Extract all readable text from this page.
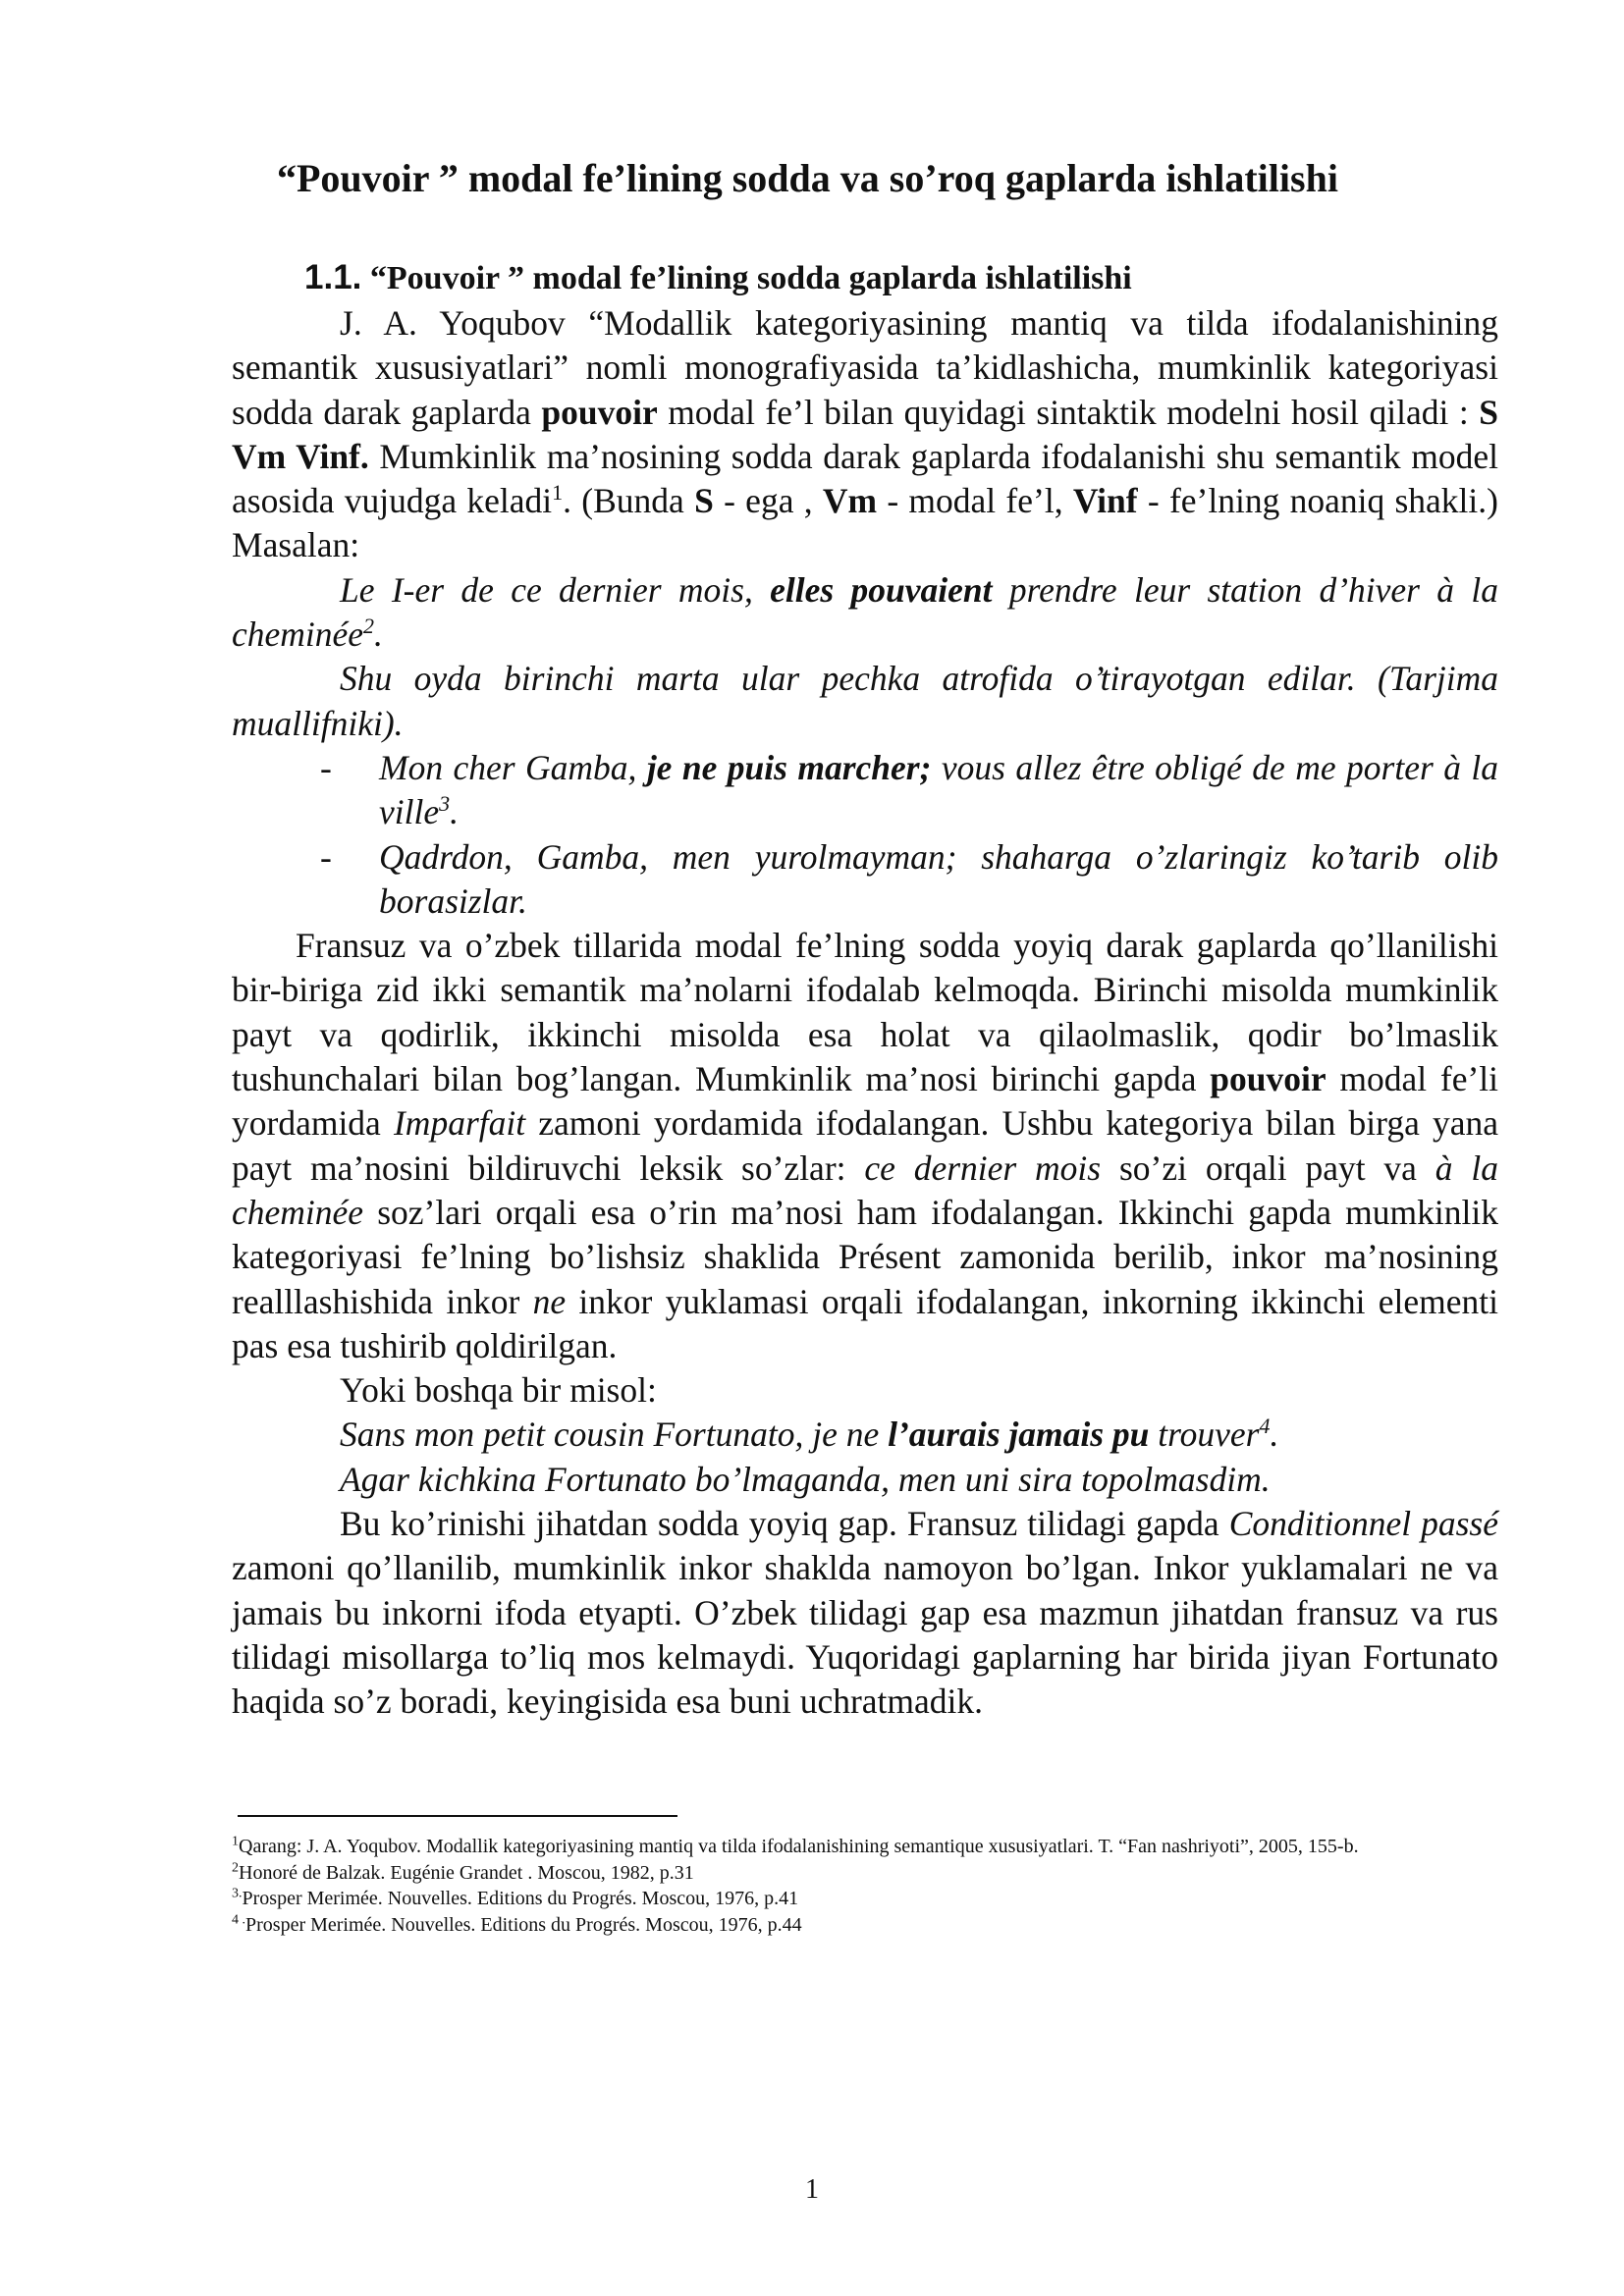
“Pouvoir ” modal fe’lining sodda va so’roq gaplarda ishlatilishi
1.1. “Pouvoir ” modal fe’lining sodda gaplarda ishlatilishi

J. A. Yoqubov “Modallik kategoriyasining mantiq va tilda ifodalanishining semantik xususiyatlari” nomli monografiyasida ta’kidlashicha, mumkinlik kategoriyasi sodda darak gaplarda pouvoir modal fe’l bilan quyidagi sintaktik modelni hosil qiladi : S Vm Vinf. Mumkinlik ma’nosining sodda darak gaplarda ifodalanishi shu semantik model asosida vujudga keladi$^1$. (Bunda S - ega , Vm - modal fe’l, Vinf - fe’lning noaniq shakli.) Masalan:

Le I-er de ce dernier mois, elles pouvaient prendre leur station d’hiver à la cheminée$^2$.

Shu oyda birinchi marta ular pechka atrofida o’tirayotgan edilar. (Tarjima muallifniki).

-	Mon cher Gamba, je ne puis marcher; vous allez être obligé de me porter à la ville$^3$.
-	Qadrdon, Gamba, men yurolmayman; shaharga o’zlaringiz ko’tarib olib borasizlar.

Fransuz va o’zbek tillarida modal fe’lning sodda yoyiq darak gaplarda qo’llanilishi bir-biriga zid ikki semantik ma’nolarni ifodalab kelmoqda. Birinchi misolda mumkinlik payt va qodirlik, ikkinchi misolda esa holat va qilaolmaslik, qodir bo’lmaslik tushunchalari bilan bog’langan. Mumkinlik ma’nosi birinchi gapda pouvoir modal fe’li yordamida Imparfait zamoni yordamida ifodalangan. Ushbu kategoriya bilan birga yana payt ma’nosini bildiruvchi leksik so’zlar: ce dernier mois so’zi orqali payt va à la cheminée soz’lari orqali esa o’rin ma’nosi ham ifodalangan. Ikkinchi gapda mumkinlik kategoriyasi fe’lning bo’lishsiz shaklida Présent zamonida berilib, inkor ma’nosining realllashishida inkor ne inkor yuklamasi orqali ifodalangan, inkorning ikkinchi elementi pas esa tushirib qoldirilgan.

Yoki boshqa bir misol:

Sans mon petit cousin Fortunato, je ne l’aurais jamais pu trouver$^4$.

Agar kichkina Fortunato bo’lmaganda, men uni sira topolmasdim.

Bu ko’rinishi jihatdan sodda yoyiq gap. Fransuz tilidagi gapda Conditionnel passé zamoni qo’llanilib, mumkinlik inkor shaklda namoyon bo’lgan. Inkor yuklamalari ne va jamais bu inkorni ifoda etyapti. O’zbek tilidagi gap esa mazmun jihatdan fransuz va rus tilidagi misollarga to’liq mos kelmaydi. Yuqoridagi gaplarning har birida jiyan Fortunato haqida so’z boradi, keyingisida esa buni uchratmadik.

$^1$Qarang: J. A. Yoqubov. Modallik kategoriyasining mantiq va tilda ifodalanishining semantique xususiyatlari. T. “Fan nashriyoti”, 2005, 155-b.

$^2$Honoré de Balzak. Eugénie Grandet . Moscou, 1982, p.31

$^{3.}$Prosper Merimée. Nouvelles. Editions du Progrés. Moscou, 1976, p.41

$^{4 .}$Prosper Merimée. Nouvelles. Editions du Progrés. Moscou, 1976, p.44

1
